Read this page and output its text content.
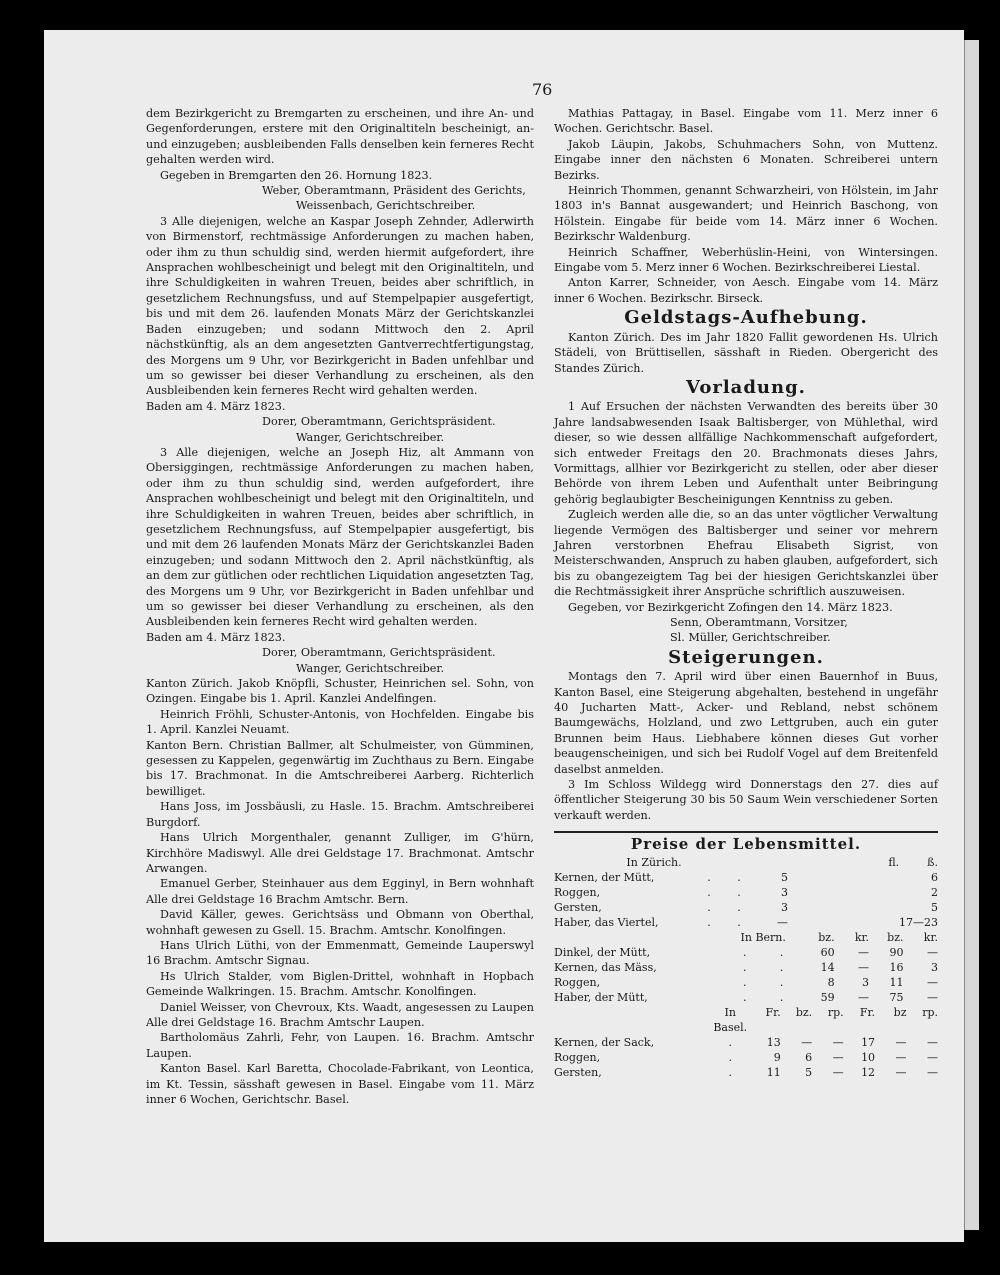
76

dem Bezirkgericht zu Bremgarten zu erscheinen, und ihre An- und Gegenforderungen, erstere mit den Originaltiteln bescheinigt, an- und einzugeben; ausbleibenden Falls denselben kein ferneres Recht gehalten werden wird.

Gegeben in Bremgarten den 26. Hornung 1823.

Weber, Oberamtmann, Präsident des Gerichts,

Weissenbach, Gerichtschreiber.

3 Alle diejenigen, welche an Kaspar Joseph Zehnder, Adlerwirth von Birmenstorf, rechtmässige Anforderungen zu machen haben, oder ihm zu thun schuldig sind, werden hiermit aufgefordert, ihre Ansprachen wohlbescheinigt und belegt mit den Originaltiteln, und ihre Schuldigkeiten in wahren Treuen, beides aber schriftlich, in gesetzlichem Rechnungsfuss, und auf Stempelpapier ausgefertigt, bis und mit dem 26. laufenden Monats März der Gerichtskanzlei Baden einzugeben; und sodann Mittwoch den 2. April nächstkünftig, als an dem angesetzten Gantverrechtfertigungstag, des Morgens um 9 Uhr, vor Bezirkgericht in Baden unfehlbar und um so gewisser bei dieser Verhandlung zu erscheinen, als den Ausbleibenden kein ferneres Recht wird gehalten werden.

Baden am 4. März 1823.

Dorer, Oberamtmann, Gerichtspräsident.

Wanger, Gerichtschreiber.

3 Alle diejenigen, welche an Joseph Hiz, alt Ammann von Obersiggingen, rechtmässige Anforderungen zu machen haben, oder ihm zu thun schuldig sind, werden aufgefordert, ihre Ansprachen wohlbescheinigt und belegt mit den Originaltiteln, und ihre Schuldigkeiten in wahren Treuen, beides aber schriftlich, in gesetzlichem Rechnungsfuss, auf Stempelpapier ausgefertigt, bis und mit dem 26 laufenden Monats März der Gerichtskanzlei Baden einzugeben; und sodann Mittwoch den 2. April nächstkünftig, als an dem zur gütlichen oder rechtlichen Liquidation angesetzten Tag, des Morgens um 9 Uhr, vor Bezirkgericht in Baden unfehlbar und um so gewisser bei dieser Verhandlung zu erscheinen, als den Ausbleibenden kein ferneres Recht wird gehalten werden.

Baden am 4. März 1823.

Dorer, Oberamtmann, Gerichtspräsident.

Wanger, Gerichtschreiber.

Kanton Zürich. Jakob Knöpfli, Schuster, Heinrichen sel. Sohn, von Ozingen. Eingabe bis 1. April. Kanzlei Andelfingen.

Heinrich Fröhli, Schuster-Antonis, von Hochfelden. Eingabe bis 1. April. Kanzlei Neuamt.

Kanton Bern. Christian Ballmer, alt Schulmeister, von Gümminen, gesessen zu Kappelen, gegenwärtig im Zuchthaus zu Bern. Eingabe bis 17. Brachmonat. In die Amtschreiberei Aarberg. Richterlich bewilliget.

Hans Joss, im Jossbäusli, zu Hasle. 15. Brachm. Amtschreiberei Burgdorf.

Hans Ulrich Morgenthaler, genannt Zulliger, im G'hürn, Kirchhöre Madiswyl. Alle drei Geldstage 17. Brachmonat. Amtschr Arwangen.

Emanuel Gerber, Steinhauer aus dem Egginyl, in Bern wohnhaft Alle drei Geldstage 16 Brachm Amtschr. Bern.

David Käller, gewes. Gerichtsäss und Obmann von Oberthal, wohnhaft gewesen zu Gsell. 15. Brachm. Amtschr. Konolfingen.

Hans Ulrich Lüthi, von der Emmenmatt, Gemeinde Lauperswyl 16 Brachm. Amtschr Signau.

Hs Ulrich Stalder, vom Biglen-Drittel, wohnhaft in Hopbach Gemeinde Walkringen. 15. Brachm. Amtschr. Konolfingen.

Daniel Weisser, von Chevroux, Kts. Waadt, angesessen zu Laupen Alle drei Geldstage 16. Brachm Amtschr Laupen.

Bartholomäus Zahrli, Fehr, von Laupen. 16. Brachm. Amtschr Laupen.

Kanton Basel. Karl Baretta, Chocolade-Fabrikant, von Leontica, im Kt. Tessin, sässhaft gewesen in Basel. Eingabe vom 11. März inner 6 Wochen, Gerichtschr. Basel.

Mathias Pattagay, in Basel. Eingabe vom 11. Merz inner 6 Wochen. Gerichtschr. Basel.

Jakob Läupin, Jakobs, Schuhmachers Sohn, von Muttenz. Eingabe inner den nächsten 6 Monaten. Schreiberei untern Bezirks.

Heinrich Thommen, genannt Schwarzheiri, von Hölstein, im Jahr 1803 in's Bannat ausgewandert; und Heinrich Baschong, von Hölstein. Eingabe für beide vom 14. März inner 6 Wochen. Bezirkschr Waldenburg.

Heinrich Schaffner, Weberhüslin-Heini, von Wintersingen. Eingabe vom 5. Merz inner 6 Wochen. Bezirkschreiberei Liestal.

Anton Karrer, Schneider, von Aesch. Eingabe vom 14. März inner 6 Wochen. Bezirkschr. Birseck.

Geldstags-Aufhebung.

Kanton Zürich. Des im Jahr 1820 Fallit gewordenen Hs. Ulrich Städeli, von Brüttisellen, sässhaft in Rieden. Obergericht des Standes Zürich.

Vorladung.

1 Auf Ersuchen der nächsten Verwandten des bereits über 30 Jahre landsabwesenden Isaak Baltisberger, von Mühlethal, wird dieser, so wie dessen allfällige Nachkommenschaft aufgefordert, sich entweder Freitags den 20. Brachmonats dieses Jahrs, Vormittags, allhier vor Bezirkgericht zu stellen, oder aber dieser Behörde von ihrem Leben und Aufenthalt unter Beibringung gehörig beglaubigter Bescheinigungen Kenntniss zu geben.

Zugleich werden alle die, so an das unter vögtlicher Verwaltung liegende Vermögen des Baltisberger und seiner vor mehrern Jahren verstorbnen Ehefrau Elisabeth Sigrist, von Meisterschwanden, Anspruch zu haben glauben, aufgefordert, sich bis zu obangezeigtem Tag bei der hiesigen Gerichtskanzlei über die Rechtmässigkeit ihrer Ansprüche schriftlich auszuweisen.

Gegeben, vor Bezirkgericht Zofingen den 14. März 1823.

Senn, Oberamtmann, Vorsitzer,

Sl. Müller, Gerichtschreiber.

Steigerungen.

Montags den 7. April wird über einen Bauernhof in Buus, Kanton Basel, eine Steigerung abgehalten, bestehend in ungefähr 40 Jucharten Matt-, Acker- und Rebland, nebst schönem Baumgewächs, Holzland, und zwo Lettgruben, auch ein guter Brunnen beim Haus. Liebhabere können dieses Gut vorher beaugenscheinigen, und sich bei Rudolf Vogel auf dem Breitenfeld daselbst anmelden.

3 Im Schloss Wildegg wird Donnerstags den 27. dies auf öffentlicher Steigerung 30 bis 50 Saum Wein verschiedener Sorten verkauft werden.

Preise der Lebensmittel.
In Zürich.			fl. ß.	
Kernen, der Mütt,	.	.	5	6
Roggen,	.	.	3	2
Gersten,	.	.	3	5
Haber, das Viertel,	.	.	—	17—23
	In Bern.		bz.	kr.	bz.	kr.
Dinkel, der Mütt,	.	.	60	—	90	—
Kernen, das Mäss,	.	.	14	—	16	3
Roggen,	.	.	8	3	11	—
Haber, der Mütt,	.	.	59	—	75	—
	In Basel.	Fr.	bz.	rp.	Fr.	bz	rp.
Kernen, der Sack,	.	13	—	—	17	—	—
Roggen,	.	9	6	—	10	—	—
Gersten,	.	11	5	—	12	—	—
